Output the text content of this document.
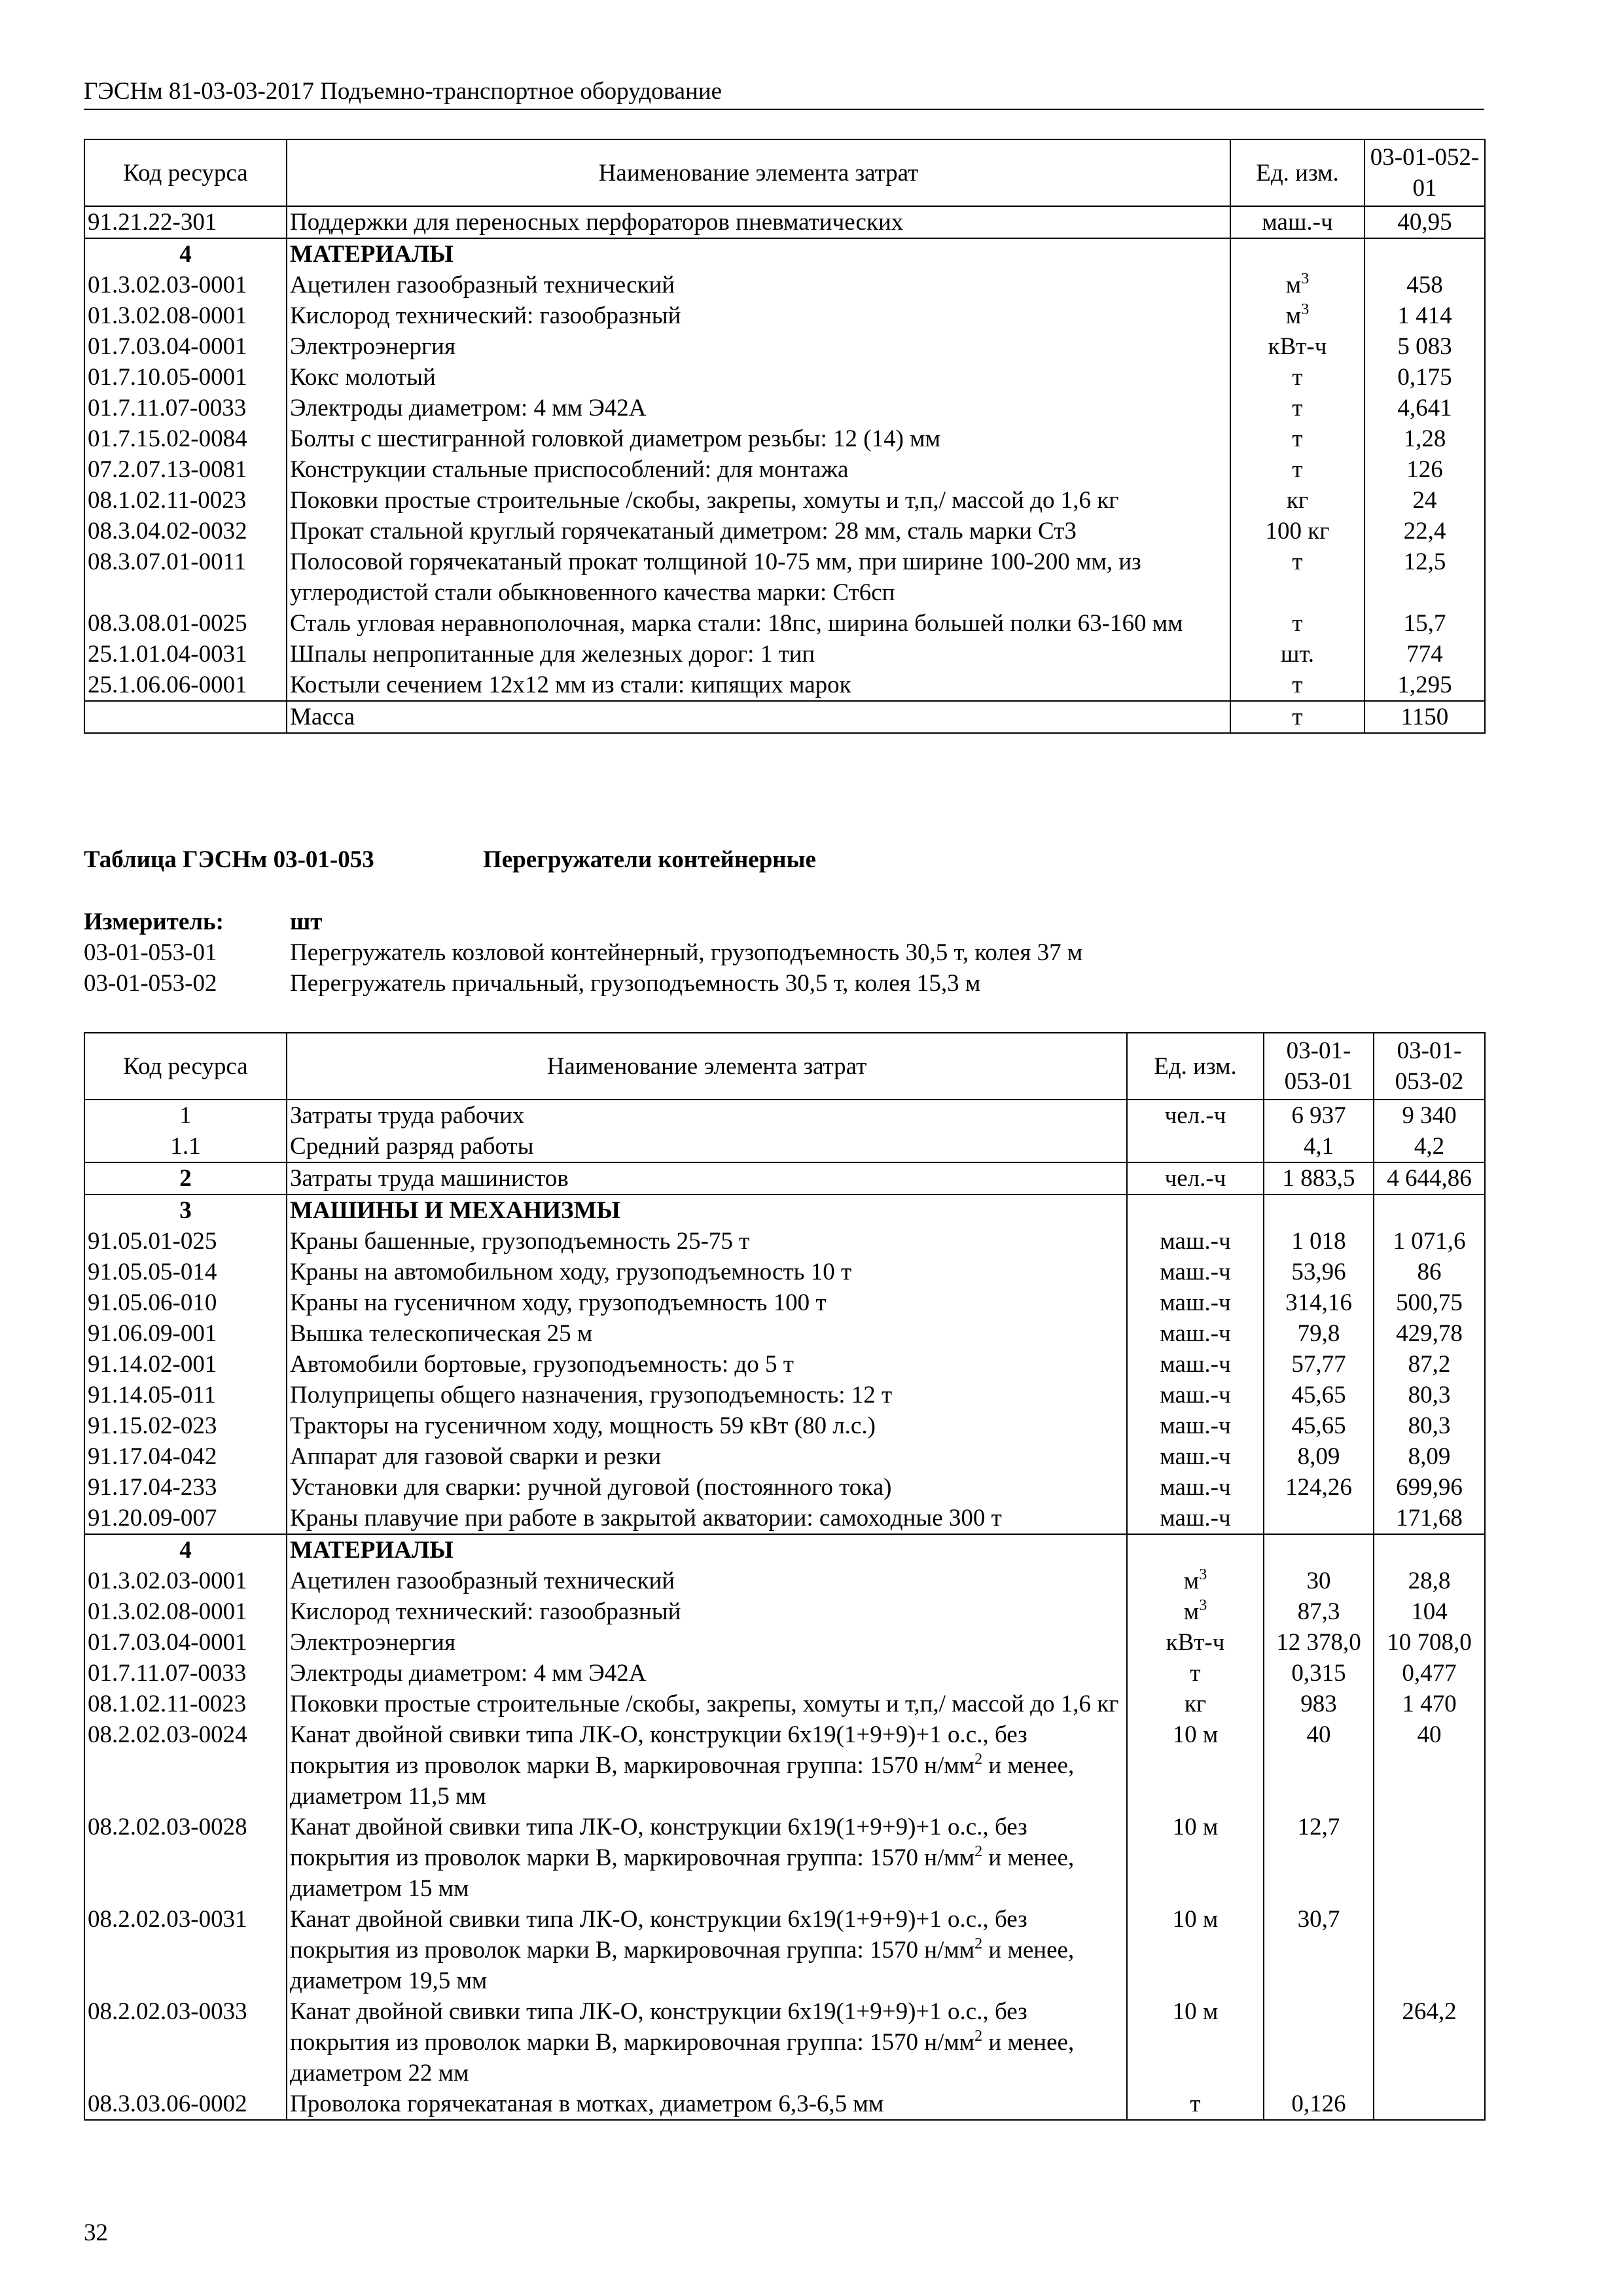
ГЭСНм 81-03-03-2017 Подъемно-транспортное оборудование
Код ресурса	Наименование элемента затрат	Ед. изм.	03-01-052-01
91.21.22-301	Поддержки для переносных перфораторов пневматических	маш.-ч	40,95
4	МАТЕРИАЛЫ		
01.3.02.03-0001	Ацетилен газообразный технический	$м^3$	458
01.3.02.08-0001	Кислород технический: газообразный	$м^3$	1 414
01.7.03.04-0001	Электроэнергия	кВт-ч	5 083
01.7.10.05-0001	Кокс молотый	т	0,175
01.7.11.07-0033	Электроды диаметром: 4 мм Э42А	т	4,641
01.7.15.02-0084	Болты с шестигранной головкой диаметром резьбы: 12 (14) мм	т	1,28
07.2.07.13-0081	Конструкции стальные приспособлений: для монтажа	т	126
08.1.02.11-0023	Поковки простые строительные /скобы, закрепы, хомуты и т,п,/ массой до 1,6 кг	кг	24
08.3.04.02-0032	Прокат стальной круглый горячекатаный диметром: 28 мм, сталь марки Ст3	100 кг	22,4
08.3.07.01-0011	Полосовой горячекатаный прокат толщиной 10-75 мм, при ширине 100-200 мм, из углеродистой стали обыкновенного качества марки: Ст6сп	т	12,5
08.3.08.01-0025	Сталь угловая неравнополочная, марка стали: 18пс, ширина большей полки 63-160 мм	т	15,7
25.1.01.04-0031	Шпалы непропитанные для железных дорог: 1 тип	шт.	774
25.1.06.06-0001	Костыли сечением 12х12 мм из стали: кипящих марок	т	1,295
	Масса	т	1150
Таблица ГЭСНм 03-01-053	Перегружатели контейнерные
Измеритель:	шт
03-01-053-01	Перегружатель козловой контейнерный, грузоподъемность 30,5 т, колея 37 м
03-01-053-02	Перегружатель причальный, грузоподъемность 30,5 т, колея 15,3 м
Код ресурса	Наименование элемента затрат	Ед. изм.	03-01-053-01	03-01-053-02
1	Затраты труда рабочих	чел.-ч	6 937	9 340
1.1	Средний разряд работы		4,1	4,2
2	Затраты труда машинистов	чел.-ч	1 883,5	4 644,86
3	МАШИНЫ И МЕХАНИЗМЫ			
91.05.01-025	Краны башенные, грузоподъемность 25-75 т	маш.-ч	1 018	1 071,6
91.05.05-014	Краны на автомобильном ходу, грузоподъемность 10 т	маш.-ч	53,96	86
91.05.06-010	Краны на гусеничном ходу, грузоподъемность 100 т	маш.-ч	314,16	500,75
91.06.09-001	Вышка телескопическая 25 м	маш.-ч	79,8	429,78
91.14.02-001	Автомобили бортовые, грузоподъемность: до 5 т	маш.-ч	57,77	87,2
91.14.05-011	Полуприцепы общего назначения, грузоподъемность: 12 т	маш.-ч	45,65	80,3
91.15.02-023	Тракторы на гусеничном ходу, мощность 59 кВт (80 л.с.)	маш.-ч	45,65	80,3
91.17.04-042	Аппарат для газовой сварки и резки	маш.-ч	8,09	8,09
91.17.04-233	Установки для сварки: ручной дуговой (постоянного тока)	маш.-ч	124,26	699,96
91.20.09-007	Краны плавучие при работе в закрытой акватории: самоходные 300 т	маш.-ч		171,68
4	МАТЕРИАЛЫ			
01.3.02.03-0001	Ацетилен газообразный технический	$м^3$	30	28,8
01.3.02.08-0001	Кислород технический: газообразный	$м^3$	87,3	104
01.7.03.04-0001	Электроэнергия	кВт-ч	12 378,0	10 708,0
01.7.11.07-0033	Электроды диаметром: 4 мм Э42А	т	0,315	0,477
08.1.02.11-0023	Поковки простые строительные /скобы, закрепы, хомуты и т,п,/ массой до 1,6 кг	кг	983	1 470
08.2.02.03-0024	Канат двойной свивки типа ЛК-О, конструкции 6х19(1+9+9)+1 о.с., без покрытия из проволок марки В, маркировочная группа: 1570 $н/мм^2$ и менее, диаметром 11,5 мм	10 м	40	40
08.2.02.03-0028	Канат двойной свивки типа ЛК-О, конструкции 6х19(1+9+9)+1 о.с., без покрытия из проволок марки В, маркировочная группа: 1570 $н/мм^2$ и менее, диаметром 15 мм	10 м	12,7	
08.2.02.03-0031	Канат двойной свивки типа ЛК-О, конструкции 6х19(1+9+9)+1 о.с., без покрытия из проволок марки В, маркировочная группа: 1570 $н/мм^2$ и менее, диаметром 19,5 мм	10 м	30,7	
08.2.02.03-0033	Канат двойной свивки типа ЛК-О, конструкции 6х19(1+9+9)+1 о.с., без покрытия из проволок марки В, маркировочная группа: 1570 $н/мм^2$ и менее, диаметром 22 мм	10 м		264,2
08.3.03.06-0002	Проволока горячекатаная в мотках, диаметром 6,3-6,5 мм	т	0,126	
32
